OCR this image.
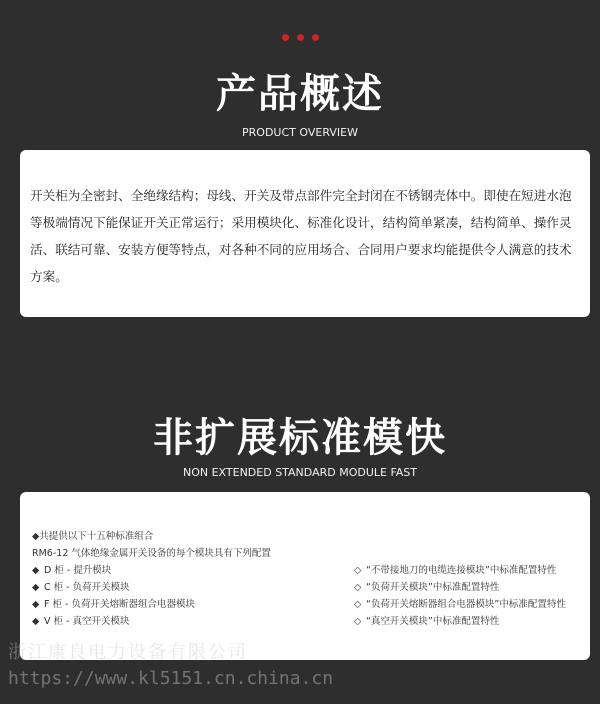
产品概述
PRODUCT OVERVIEW

开关柜为全密封、全绝缘结构；母线、开关及带点部件完全封闭在不锈钢壳体中。即使在短进水泡等极端情况下能保证开关正常运行；采用模块化、标准化设计，结构简单紧凑，结构简单、操作灵活、联结可靠、安装方便等特点，对各种不同的应用场合、合同用户要求均能提供令人满意的技术方案。

非扩展标准模快
NON EXTENDED STANDARD MODULE FAST
◆共提供以下十五种标准组合
RM6-12 气体绝缘金属开关设备的每个模块具有下列配置
◆ D 柜 - 提升模块
◆ C 柜 - 负荷开关模块
◆ F 柜 - 负荷开关熔断器组合电器模块
◆ V 柜 - 真空开关模块
◇ “不带接地刀的电缆连接模块”中标准配置特性
◇ “负荷开关模块”中标准配置特性
◇ “负荷开关熔断器组合电器模块”中标准配置特性
◇ “真空开关模块”中标准配置特性
浙江康良电力设备有限公司
https://www.kl5151.cn.china.cn
